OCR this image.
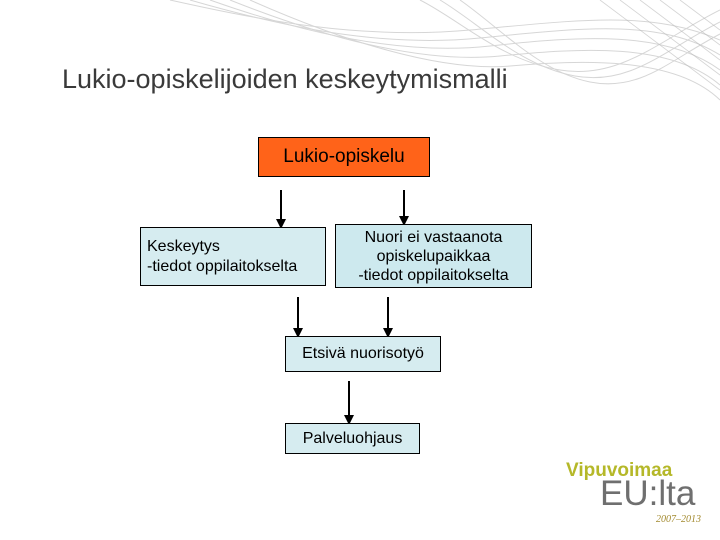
Lukio-opiskelijoiden keskeytymismalli
Lukio-opiskelu
Keskeytys
-tiedot oppilaitokselta
Nuori ei vastaanota
opiskelupaikkaa
-tiedot oppilaitokselta
Etsivä nuorisotyö
Palveluohjaus
Vipuvoimaa
EU:lta
2007–2013
